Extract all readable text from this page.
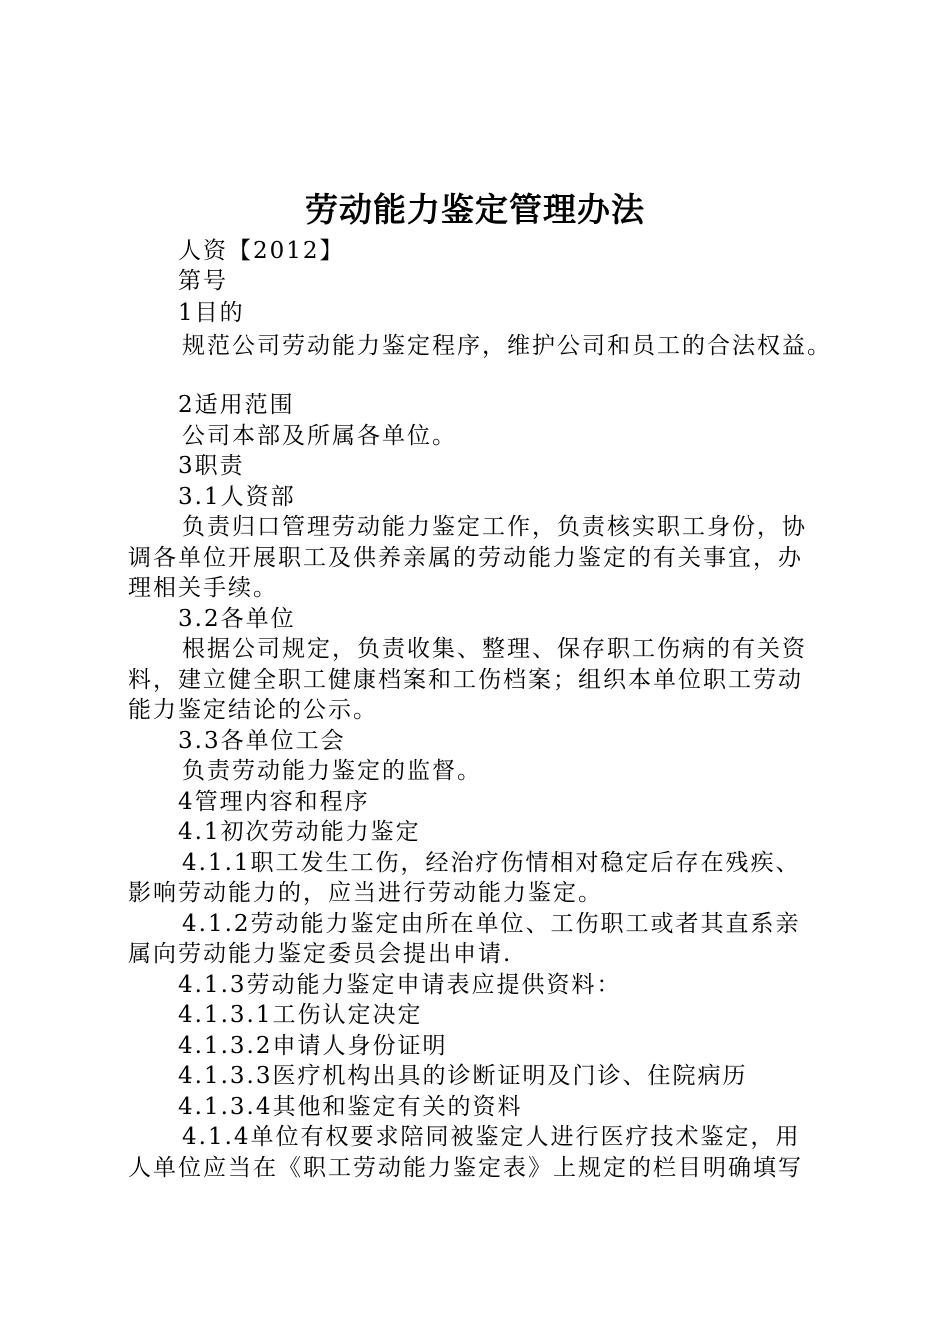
劳动能力鉴定管理办法
人资【2012】
第号
1目的
规范公司劳动能力鉴定程序，维护公司和员工的合法权益。
2适用范围
公司本部及所属各单位。
3职责
3.1人资部
负责归口管理劳动能力鉴定工作，负责核实职工身份，协
调各单位开展职工及供养亲属的劳动能力鉴定的有关事宜，办
理相关手续。
3.2各单位
根据公司规定，负责收集、整理、保存职工伤病的有关资
料，建立健全职工健康档案和工伤档案；组织本单位职工劳动
能力鉴定结论的公示。
3.3各单位工会
负责劳动能力鉴定的监督。
4管理内容和程序
4.1初次劳动能力鉴定
4.1.1职工发生工伤，经治疗伤情相对稳定后存在残疾、
影响劳动能力的，应当进行劳动能力鉴定。
4.1.2劳动能力鉴定由所在单位、工伤职工或者其直系亲
属向劳动能力鉴定委员会提出申请.
4.1.3劳动能力鉴定申请表应提供资料：
4.1.3.1工伤认定决定
4.1.3.2申请人身份证明
4.1.3.3医疗机构出具的诊断证明及门诊、住院病历
4.1.3.4其他和鉴定有关的资料
4.1.4单位有权要求陪同被鉴定人进行医疗技术鉴定，用
人单位应当在《职工劳动能力鉴定表》上规定的栏目明确填写
